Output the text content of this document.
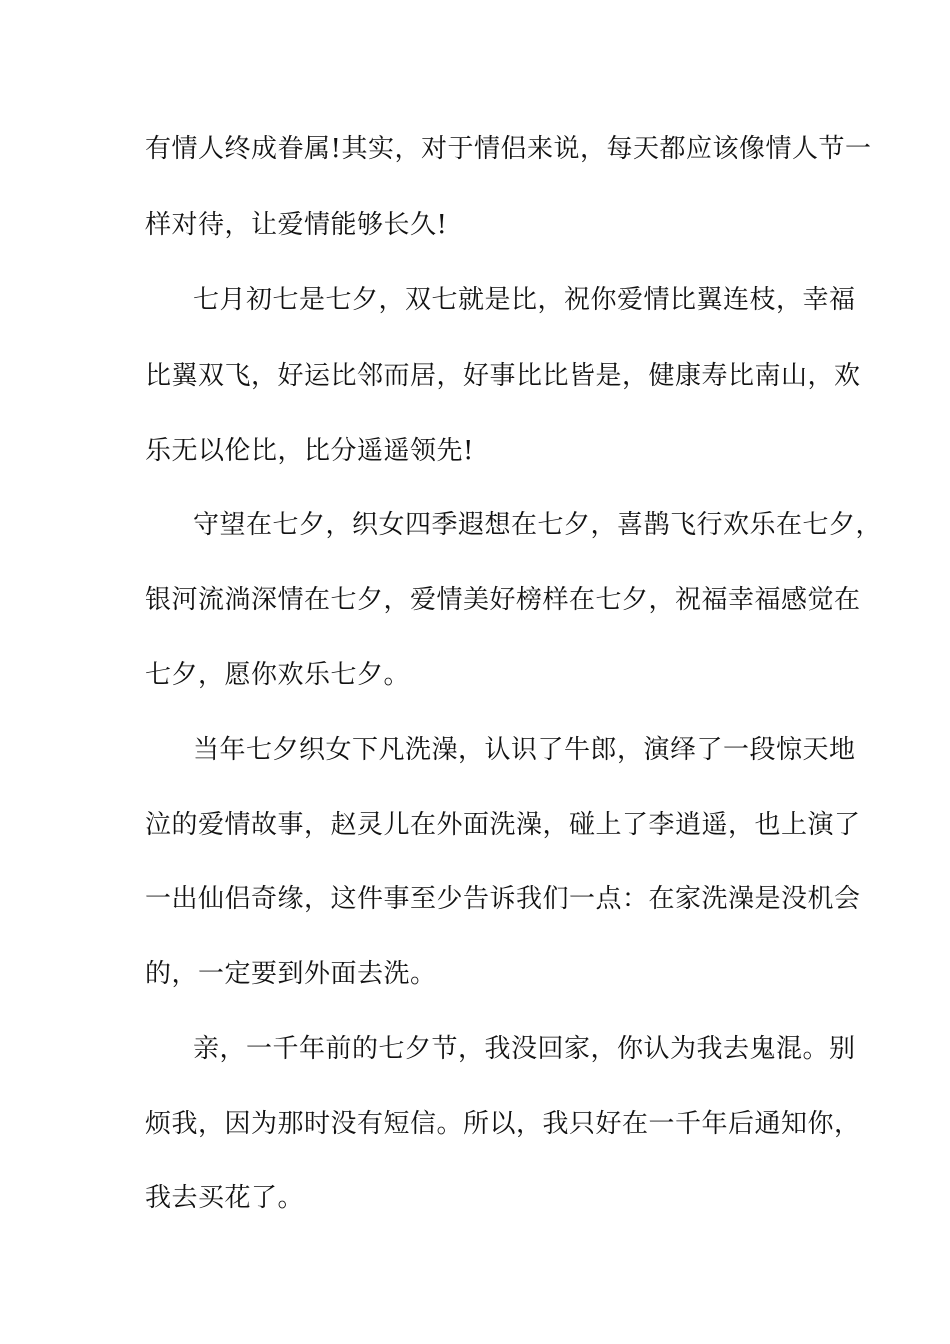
有情人终成眷属!其实，对于情侣来说，每天都应该像情人节一
样对待，让爱情能够长久!
七月初七是七夕，双七就是比，祝你爱情比翼连枝，幸福
比翼双飞，好运比邻而居，好事比比皆是，健康寿比南山，欢
乐无以伦比，比分遥遥领先!
守望在七夕，织女四季遐想在七夕，喜鹊飞行欢乐在七夕，
银河流淌深情在七夕，爱情美好榜样在七夕，祝福幸福感觉在
七夕，愿你欢乐七夕。
当年七夕织女下凡洗澡，认识了牛郎，演绎了一段惊天地
泣的爱情故事，赵灵儿在外面洗澡，碰上了李逍遥，也上演了
一出仙侣奇缘，这件事至少告诉我们一点：在家洗澡是没机会
的，一定要到外面去洗。
亲，一千年前的七夕节，我没回家，你认为我去鬼混。别
烦我，因为那时没有短信。所以，我只好在一千年后通知你，
我去买花了。
